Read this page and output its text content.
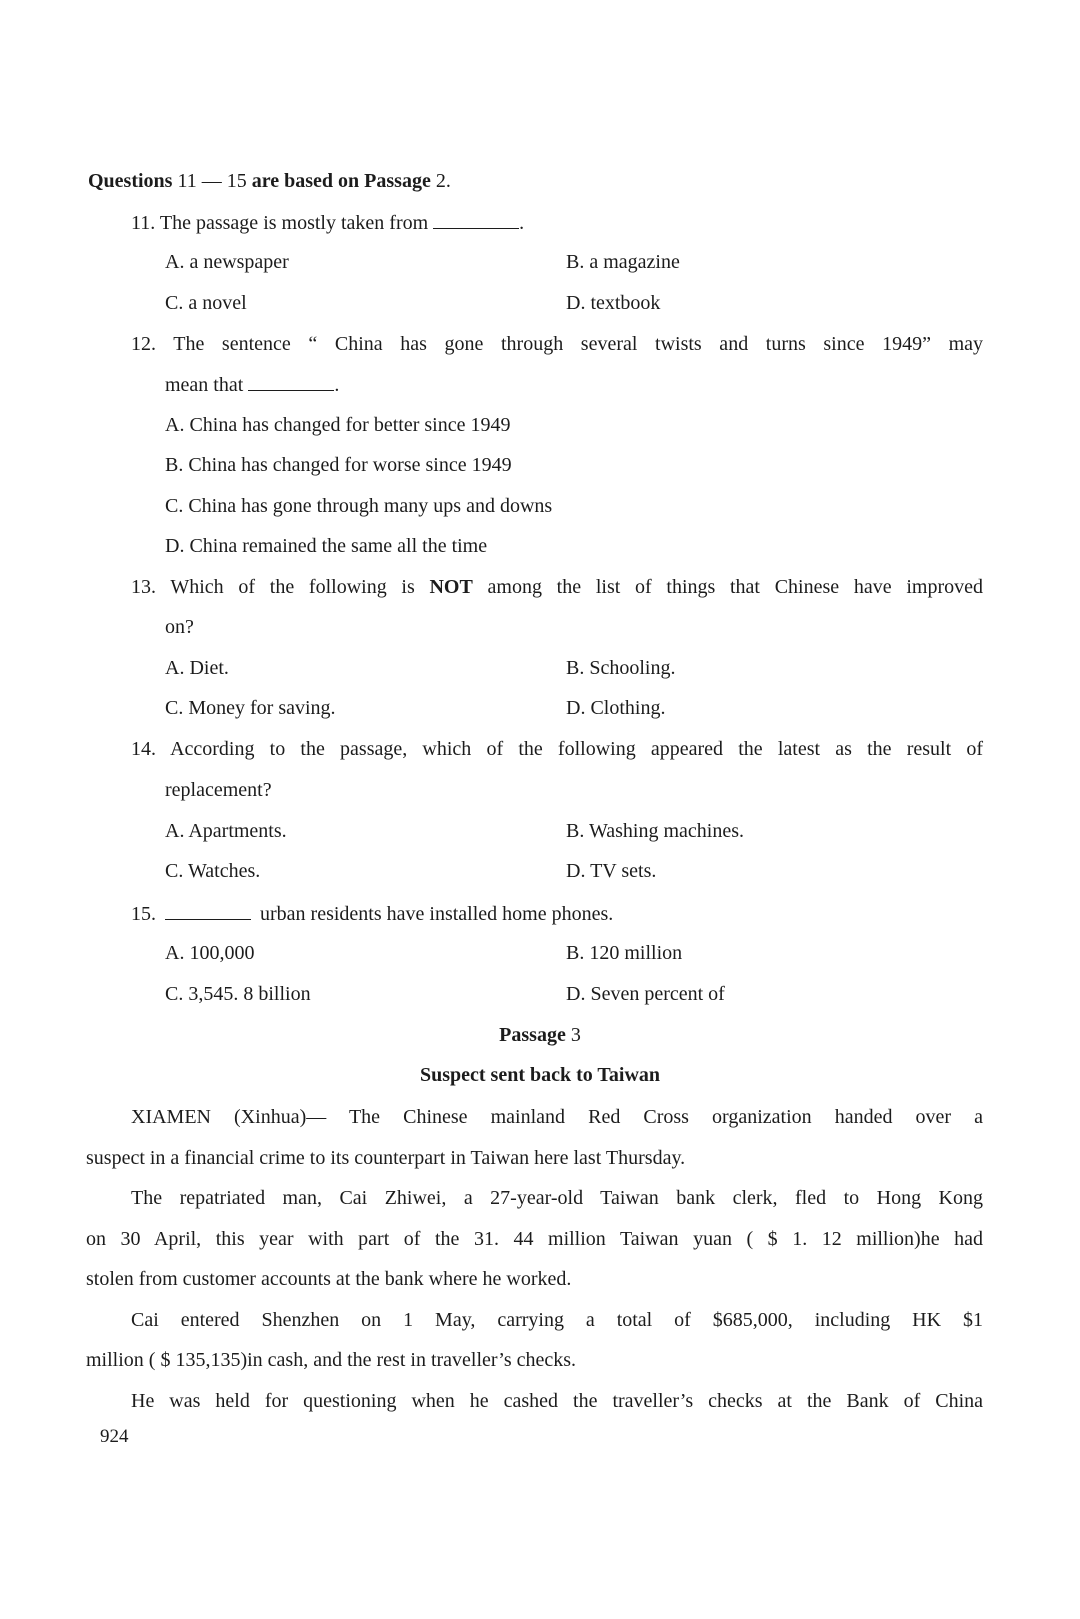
Questions 11 — 15 are based on Passage 2.
11. The passage is mostly taken from	.
A. a newspaper	B. a magazine
C. a novel	D. textbook
12. The sentence “ China has gone through several twists and turns since 1949” may
mean that	.
A. China has changed for better since 1949
B. China has changed for worse since 1949
C. China has gone through many ups and downs
D. China remained the same all the time
13. Which of the following is NOT among the list of things that Chinese have improved
on?
A. Diet.	B. Schooling.
C. Money for saving.	D. Clothing.
14. According to the passage, which of the following appeared the latest as the result of
replacement?
A. Apartments.	B. Washing machines.
C. Watches.	D. TV sets.
15.	urban residents have installed home phones.
A. 100,000	B. 120 million
C. 3,545. 8 billion	D. Seven percent of
Passage 3
Suspect sent back to Taiwan
XIAMEN (Xinhua)— The Chinese mainland Red Cross organization handed over a
suspect in a financial crime to its counterpart in Taiwan here last Thursday.
The repatriated man, Cai Zhiwei, a 27-year-old Taiwan bank clerk, fled to Hong Kong
on 30 April, this year with part of the 31. 44 million Taiwan yuan ( $ 1. 12 million)he had
stolen from customer accounts at the bank where he worked.
Cai entered Shenzhen on 1 May, carrying a total of $685,000, including HK $1
million ( $ 135,135)in cash, and the rest in traveller’s checks.
He was held for questioning when he cashed the traveller’s checks at the Bank of China
924
